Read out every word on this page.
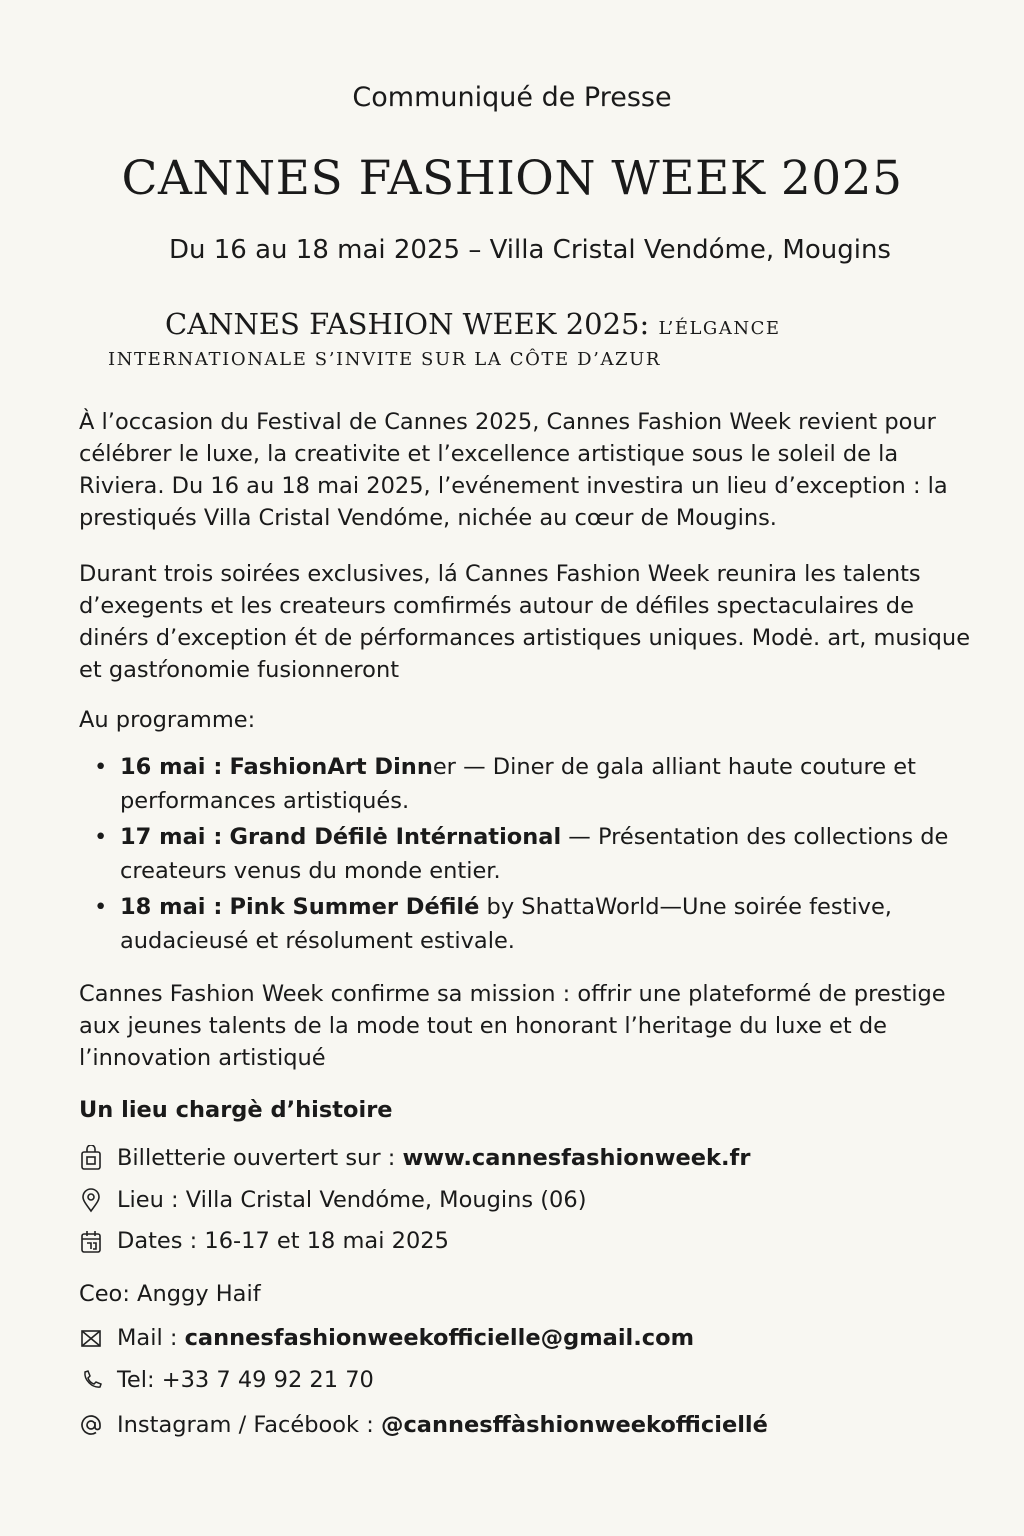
Communiqué de Presse
CANNES FASHION WEEK 2025
Du 16 au 18 mai 2025 – Villa Cristal Vendóme, Mougins
CANNES FASHION WEEK 2025: L’ÉLGANCE
INTERNATIONALE S’INVITE SUR LA CÔTE D’AZUR
À l’occasion du Festival de Cannes 2025, Cannes Fashion Week revient pour célébrer le luxe, la creativite et l’excellence artistique sous le soleil de la Riviera. Du 16 au 18 mai 2025, l’evénement investira un lieu d’exception : la prestiqués Villa Cristal Vendóme, nichée au cœur de Mougins.
Durant trois soirées exclusives, lá Cannes Fashion Week reunira les talents d’exegents et les createurs comfirmés autour de défiles spectaculaires de dinérs d’exception ét de pérformances artistiques uniques. Modė. art, musique et gastŕonomie fusionneront
Au programme:
• 16 mai : FashionArt Dinner — Diner de gala alliant haute couture et performances artistiqués.
• 17 mai : Grand Défilė Intérnational — Présentation des collections de createurs venus du monde entier.
• 18 mai : Pink Summer Défilé by ShattaWorld—Une soirée festive, audacieusé et résolument estivale.
Cannes Fashion Week confirme sa mission : offrir une plateformé de prestige aux jeunes talents de la mode tout en honorant l’heritage du luxe et de l’innovation artistiqué
Un lieu chargè d’histoire
Billetterie ouvertert sur :
www.cannesfashionweek.fr
Lieu : Villa Cristal Vendóme, Mougins (06)
Dates : 16-17 et 18 mai 2025
Ceo: Anggy Haif
Mail :
cannesfashionweekofficielle@gmail.com
Tel: +33 7 49 92 21 70
Instagram / Facébook :
@cannesffàshionweekofficiellé
